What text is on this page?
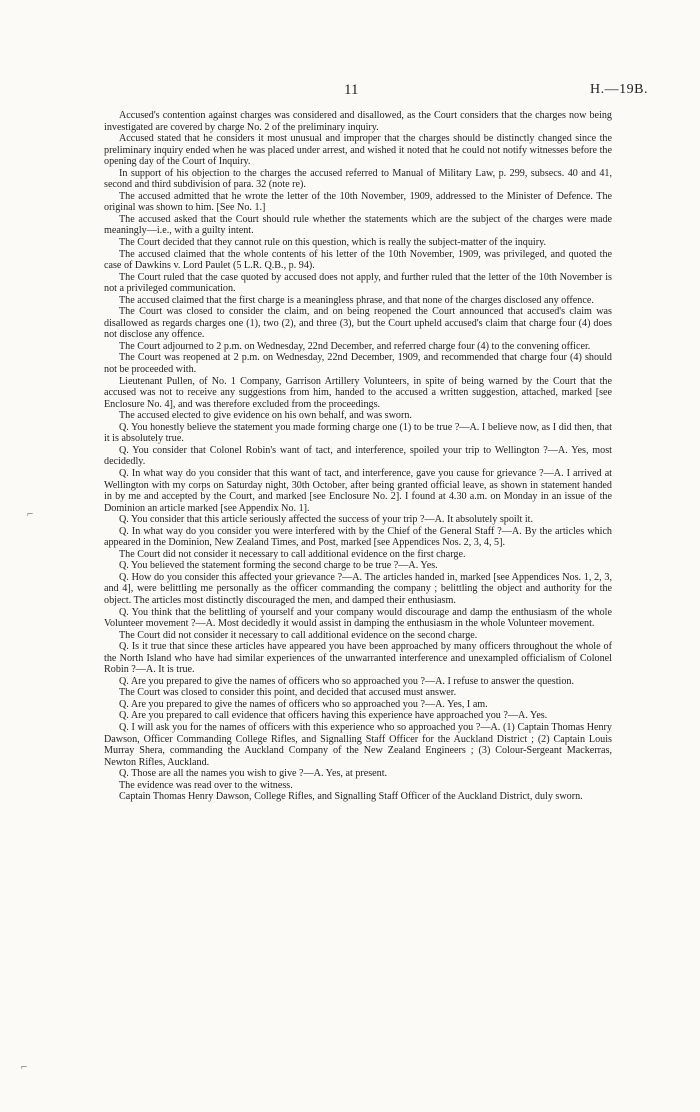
11	H.—19B.

Accused's contention against charges was considered and disallowed, as the Court considers that the charges now being investigated are covered by charge No. 2 of the preliminary inquiry.

Accused stated that he considers it most unusual and improper that the charges should be distinctly changed since the preliminary inquiry ended when he was placed under arrest, and wished it noted that he could not notify witnesses before the opening day of the Court of Inquiry.

In support of his objection to the charges the accused referred to Manual of Military Law, p. 299, subsecs. 40 and 41, second and third subdivision of para. 32 (note re).

The accused admitted that he wrote the letter of the 10th November, 1909, addressed to the Minister of Defence. The original was shown to him. [See No. 1.]

The accused asked that the Court should rule whether the statements which are the subject of the charges were made meaningly—i.e., with a guilty intent.

The Court decided that they cannot rule on this question, which is really the subject-matter of the inquiry.

The accused claimed that the whole contents of his letter of the 10th November, 1909, was privileged, and quoted the case of Dawkins v. Lord Paulet (5 L.R. Q.B., p. 94).

The Court ruled that the case quoted by accused does not apply, and further ruled that the letter of the 10th November is not a privileged communication.

The accused claimed that the first charge is a meaningless phrase, and that none of the charges disclosed any offence.

The Court was closed to consider the claim, and on being reopened the Court announced that accused's claim was disallowed as regards charges one (1), two (2), and three (3), but the Court upheld accused's claim that charge four (4) does not disclose any offence.

The Court adjourned to 2 p.m. on Wednesday, 22nd December, and referred charge four (4) to the convening officer.

The Court was reopened at 2 p.m. on Wednesday, 22nd December, 1909, and recommended that charge four (4) should not be proceeded with.

Lieutenant Pullen, of No. 1 Company, Garrison Artillery Volunteers, in spite of being warned by the Court that the accused was not to receive any suggestions from him, handed to the accused a written suggestion, attached, marked [see Enclosure No. 4], and was therefore excluded from the proceedings.

The accused elected to give evidence on his own behalf, and was sworn.

Q. You honestly believe the statement you made forming charge one (1) to be true ?—A. I believe now, as I did then, that it is absolutely true.

Q. You consider that Colonel Robin's want of tact, and interference, spoiled your trip to Wellington ?—A. Yes, most decidedly.

Q. In what way do you consider that this want of tact, and interference, gave you cause for grievance ?—A. I arrived at Wellington with my corps on Saturday night, 30th October, after being granted official leave, as shown in statement handed in by me and accepted by the Court, and marked [see Enclosure No. 2]. I found at 4.30 a.m. on Monday in an issue of the Dominion an article marked [see Appendix No. 1].

Q. You consider that this article seriously affected the success of your trip ?—A. It absolutely spoilt it.

Q. In what way do you consider you were interfered with by the Chief of the General Staff ?—A. By the articles which appeared in the Dominion, New Zealand Times, and Post, marked [see Appendices Nos. 2, 3, 4, 5].

The Court did not consider it necessary to call additional evidence on the first charge.

Q. You believed the statement forming the second charge to be true ?—A. Yes.

Q. How do you consider this affected your grievance ?—A. The articles handed in, marked [see Appendices Nos. 1, 2, 3, and 4], were belittling me personally as the officer commanding the company ; belittling the object and authority for the object. The articles most distinctly discouraged the men, and damped their enthusiasm.

Q. You think that the belittling of yourself and your company would discourage and damp the enthusiasm of the whole Volunteer movement ?—A. Most decidedly it would assist in damping the enthusiasm in the whole Volunteer movement.

The Court did not consider it necessary to call additional evidence on the second charge.

Q. Is it true that since these articles have appeared you have been approached by many officers throughout the whole of the North Island who have had similar experiences of the unwarranted interference and unexampled officialism of Colonel Robin ?—A. It is true.

Q. Are you prepared to give the names of officers who so approached you ?—A. I refuse to answer the question.

The Court was closed to consider this point, and decided that accused must answer.

Q. Are you prepared to give the names of officers who so approached you ?—A. Yes, I am.

Q. Are you prepared to call evidence that officers having this experience have approached you ?—A. Yes.

Q. I will ask you for the names of officers with this experience who so approached you ?—A. (1) Captain Thomas Henry Dawson, Officer Commanding College Rifles, and Signalling Staff Officer for the Auckland District ; (2) Captain Louis Murray Shera, commanding the Auckland Company of the New Zealand Engineers ; (3) Colour-Sergeant Mackerras, Newton Rifles, Auckland.

Q. Those are all the names you wish to give ?—A. Yes, at present.

The evidence was read over to the witness.

Captain Thomas Henry Dawson, College Rifles, and Signalling Staff Officer of the Auckland District, duly sworn.

⌐
⌐
